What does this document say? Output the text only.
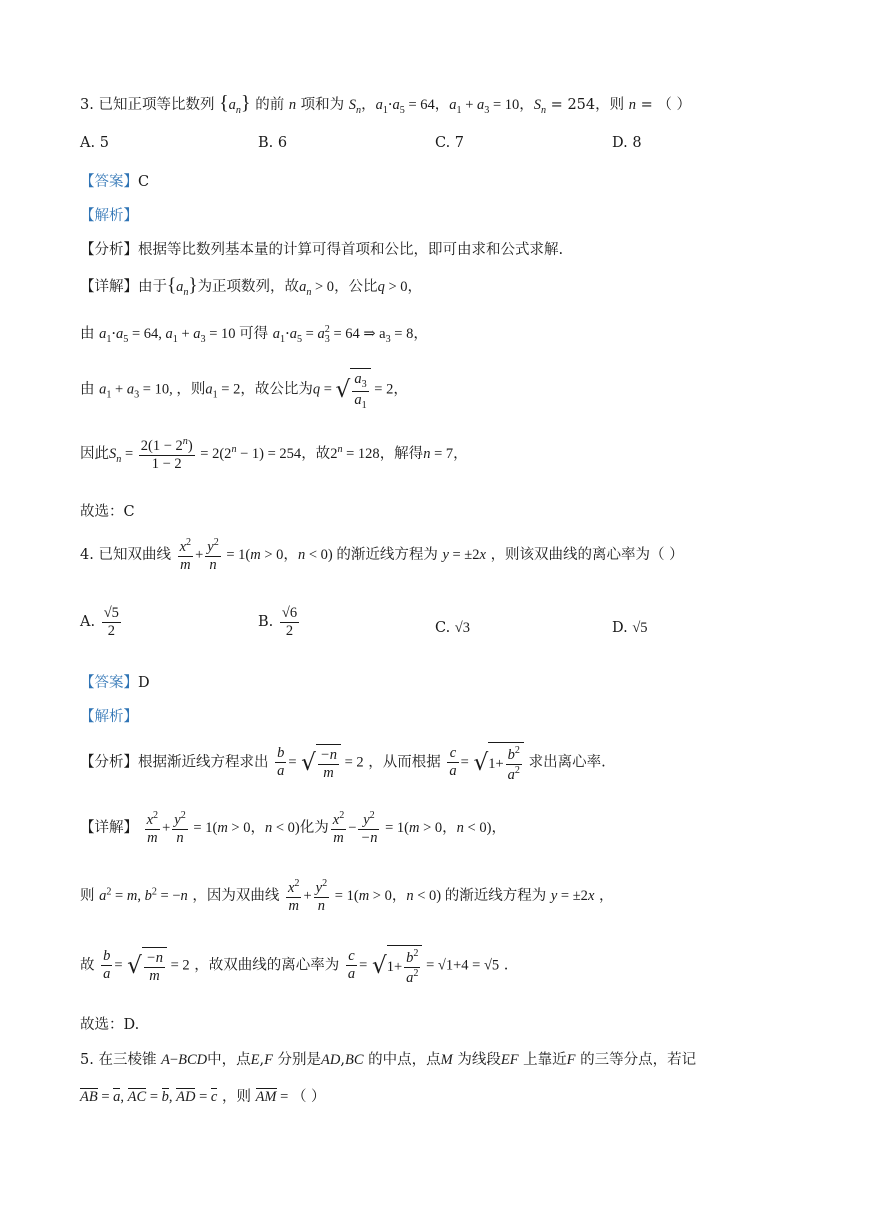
3. 已知正项等比数列 $\{a_n\}$ 的前 n 项和为 $S_n$，$a_1\cdot a_5 = 64$，$a_1 + a_3 = 10$，$S_n = 254$，则 n = （ ）
A. 5	B. 6	C. 7	D. 8
【答案】C
【解析】
【分析】根据等比数列基本量的计算可得首项和公比，即可由求和公式求解.
【详解】由于$\{a_n\}$为正项数列，故$a_n > 0$，公比q > 0，
由 $a_1\cdot a_5 = 64$, $a_1 + a_3 = 10$ 可得 $a_1\cdot a_5 = a_3^2 = 64$ ⇒ $a_3 = 8$，
由 $a_1 + a_3 = 10$, ，则$a_1 = 2$，故公比为q = √ $\frac{a_3}{a_1} = 2$，
因此$S_n = \frac{2(1 - 2^n)}{1 - 2} = 2(2^n - 1) = 254$，故$2^n = 128$，解得n = 7，
故选：C
4. 已知双曲线 $\frac{x^2}{m} + \frac{y^2}{n} = 1(m > 0$，n < 0) 的渐近线方程为 y = ±2x ，则该双曲线的离心率为（ ）
A. $\frac{√5}{2}$	B. $\frac{√6}{2}$	C. √3	D. √5
【答案】D
【解析】
【分析】根据渐近线方程求出 $\frac{b}{a}$ = √ $\frac{-n}{m} = 2$ ，从而根据 $\frac{c}{a} = √1+ \frac{b^2}{a^2}$ 求出离心率.
【详解】 $\frac{x^2}{m} + \frac{y^2}{n} = 1(m > 0$，n < 0)化为 $\frac{x^2}{m} - \frac{y^2}{-n} = 1(m > 0$，n < 0)，
则 $a^2 = m$, $b^2 = -n$ ，因为双曲线 $\frac{x^2}{m} + \frac{y^2}{n} = 1(m > 0$，n < 0) 的渐近线方程为 y = ±2x ，
故 $\frac{b}{a}$ = √ $\frac{-n}{m} = 2$ ，故双曲线的离心率为 $\frac{c}{a} = √1+ \frac{b^2}{a^2} = √1+4 = √5$ .
故选：D.
5. 在三棱锥 A−BCD中，点E,F 分别是AD,BC 的中点，点M 为线段EF 上靠近F 的三等分点，若记
AB = a, AC = b, AD = c ，则 AM = （ ）
